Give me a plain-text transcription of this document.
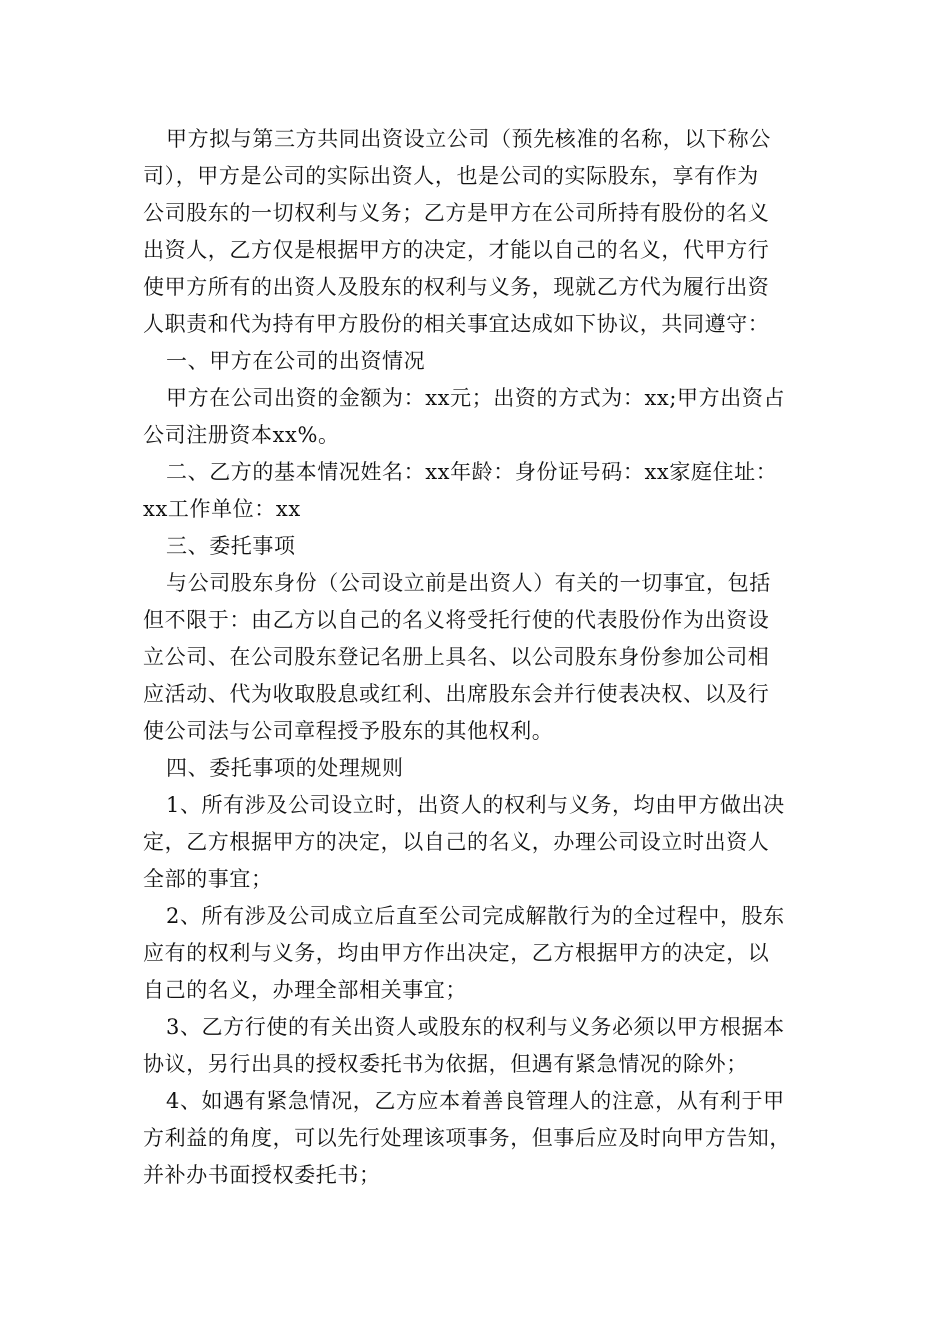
甲方拟与第三方共同出资设立公司（预先核准的名称，以下称公
司），甲方是公司的实际出资人，也是公司的实际股东，享有作为
公司股东的一切权利与义务；乙方是甲方在公司所持有股份的名义
出资人，乙方仅是根据甲方的决定，才能以自己的名义，代甲方行
使甲方所有的出资人及股东的权利与义务，现就乙方代为履行出资
人职责和代为持有甲方股份的相关事宜达成如下协议，共同遵守：
一、甲方在公司的出资情况
甲方在公司出资的金额为：xx元；出资的方式为：xx;甲方出资占
公司注册资本xx%。
二、乙方的基本情况姓名：xx年龄：身份证号码：xx家庭住址：
xx工作单位：xx
三、委托事项
与公司股东身份（公司设立前是出资人）有关的一切事宜，包括
但不限于：由乙方以自己的名义将受托行使的代表股份作为出资设
立公司、在公司股东登记名册上具名、以公司股东身份参加公司相
应活动、代为收取股息或红利、出席股东会并行使表决权、以及行
使公司法与公司章程授予股东的其他权利。
四、委托事项的处理规则
1、所有涉及公司设立时，出资人的权利与义务，均由甲方做出决
定，乙方根据甲方的决定，以自己的名义，办理公司设立时出资人
全部的事宜；
2、所有涉及公司成立后直至公司完成解散行为的全过程中，股东
应有的权利与义务，均由甲方作出决定，乙方根据甲方的决定，以
自己的名义，办理全部相关事宜；
3、乙方行使的有关出资人或股东的权利与义务必须以甲方根据本
协议，另行出具的授权委托书为依据，但遇有紧急情况的除外；
4、如遇有紧急情况，乙方应本着善良管理人的注意，从有利于甲
方利益的角度，可以先行处理该项事务，但事后应及时向甲方告知，
并补办书面授权委托书；
